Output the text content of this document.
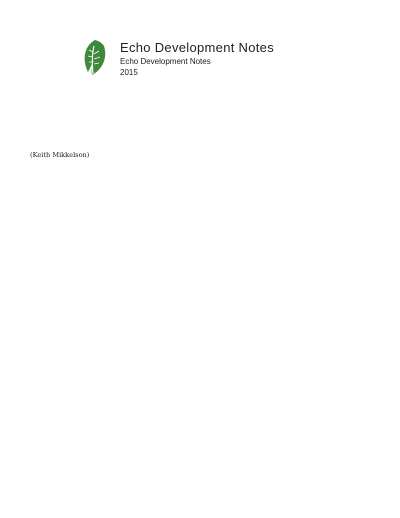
Echo Development Notes
Echo Development Notes
2015
(Keith Mikkelson)
